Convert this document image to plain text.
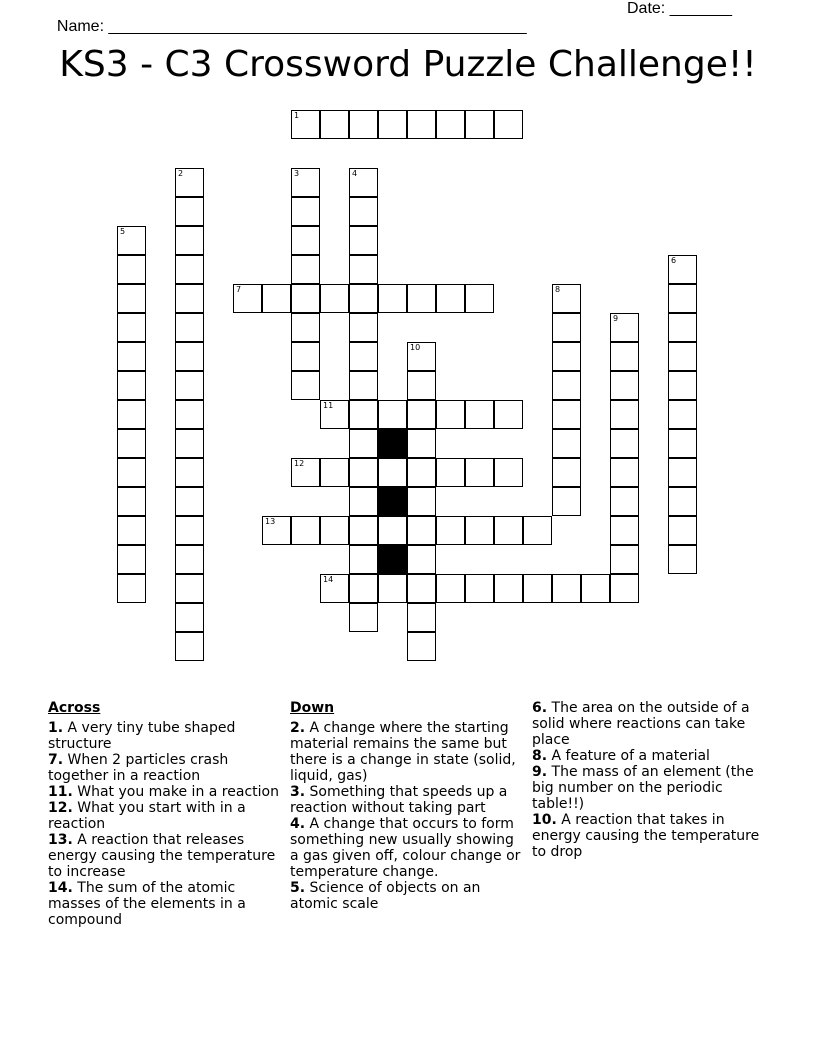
Name: _______________________________________________

Date: _______

KS3 - C3 Crossword Puzzle Challenge!!
1
2	3	4
5
6
7	8
9
10
11
12
13
14
Across
1. A very tiny tube shaped structure
7. When 2 particles crash together in a reaction
11. What you make in a reaction
12. What you start with in a reaction
13. A reaction that releases energy causing the temperature to increase
14. The sum of the atomic masses of the elements in a compound
Down
2. A change where the starting material remains the same but there is a change in state (solid, liquid, gas)
3. Something that speeds up a reaction without taking part
4. A change that occurs to form something new usually showing a gas given off, colour change or temperature change.
5. Science of objects on an atomic scale
6. The area on the outside of a solid where reactions can take place
8. A feature of a material
9. The mass of an element (the big number on the periodic table!!)
10. A reaction that takes in energy causing the temperature to drop
